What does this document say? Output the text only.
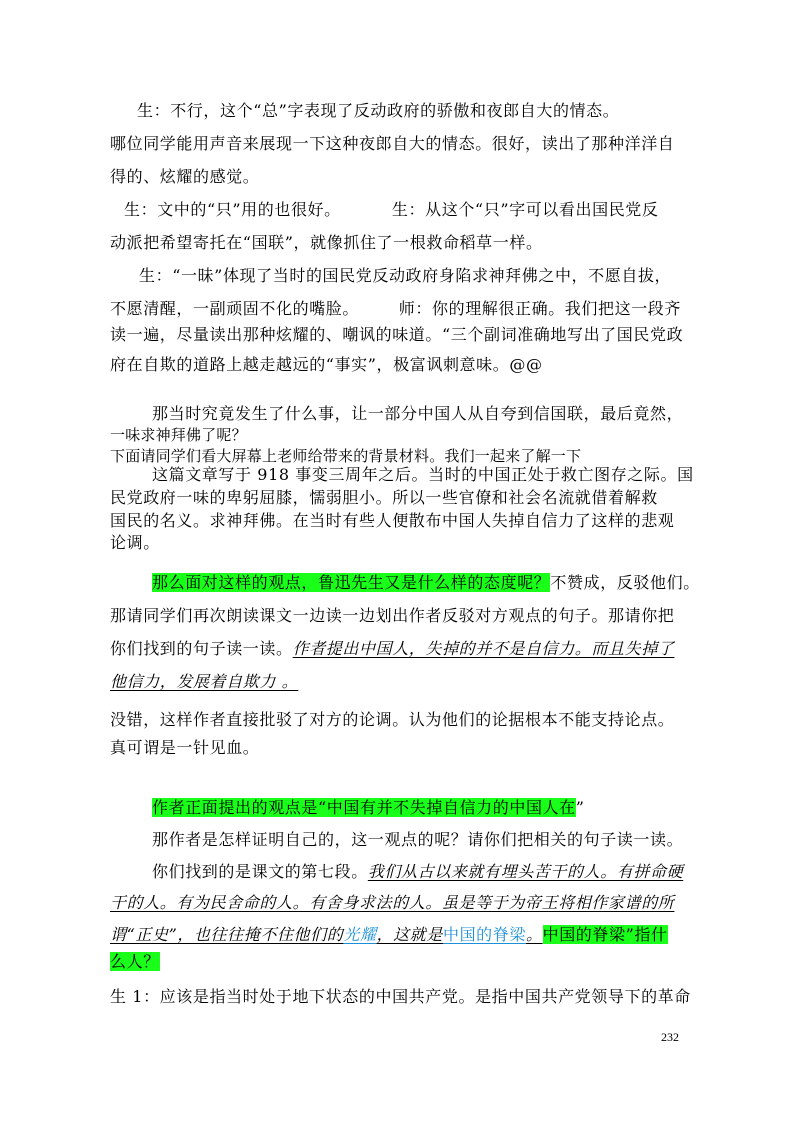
生：不行，这个“总”字表现了反动政府的骄傲和夜郎自大的情态。
哪位同学能用声音来展现一下这种夜郎自大的情态。很好，读出了那种洋洋自
得的、炫耀的感觉。
生：文中的“只”用的也很好。         生：从这个“只”字可以看出国民党反
动派把希望寄托在“国联”，就像抓住了一根救命稻草一样。
生：“一昧”体现了当时的国民党反动政府身陷求神拜佛之中，不愿自拔，
不愿清醒，一副顽固不化的嘴脸。       师：你的理解很正确。我们把这一段齐
读一遍，尽量读出那种炫耀的、嘲讽的味道。“三个副词准确地写出了国民党政
府在自欺的道路上越走越远的“事实”，极富讽刺意味。@@
那当时究竟发生了什么事，让一部分中国人从自夸到信国联，最后竟然，
一味求神拜佛了呢？
下面请同学们看大屏幕上老师给带来的背景材料。我们一起来了解一下
这篇文章写于 918 事变三周年之后。当时的中国正处于救亡图存之际。国
民党政府一味的卑躬屈膝，懦弱胆小。所以一些官僚和社会名流就借着解救
国民的名义。求神拜佛。在当时有些人便散布中国人失掉自信力了这样的悲观
论调。
那么面对这样的观点，鲁迅先生又是什么样的态度呢？不赞成，反驳他们。
那请同学们再次朗读课文一边读一边划出作者反驳对方观点的句子。那请你把
你们找到的句子读一读。作者提出中国人，失掉的并不是自信力。而且失掉了
他信力，发展着自欺力 。
没错，这样作者直接批驳了对方的论调。认为他们的论据根本不能支持论点。
真可谓是一针见血。
作者正面提出的观点是“中国有并不失掉自信力的中国人在”
那作者是怎样证明自己的，这一观点的呢？请你们把相关的句子读一读。
你们找到的是课文的第七段。我们从古以来就有埋头苦干的人。有拼命硬
干的人。有为民舍命的人。有舍身求法的人。虽是等于为帝王将相作家谱的所
谓“正史”，也往往掩不住他们的光耀，这就是中国的脊梁。中国的脊梁”指什
么人？
生 1：应该是指当时处于地下状态的中国共产党。是指中国共产党领导下的革命
232
